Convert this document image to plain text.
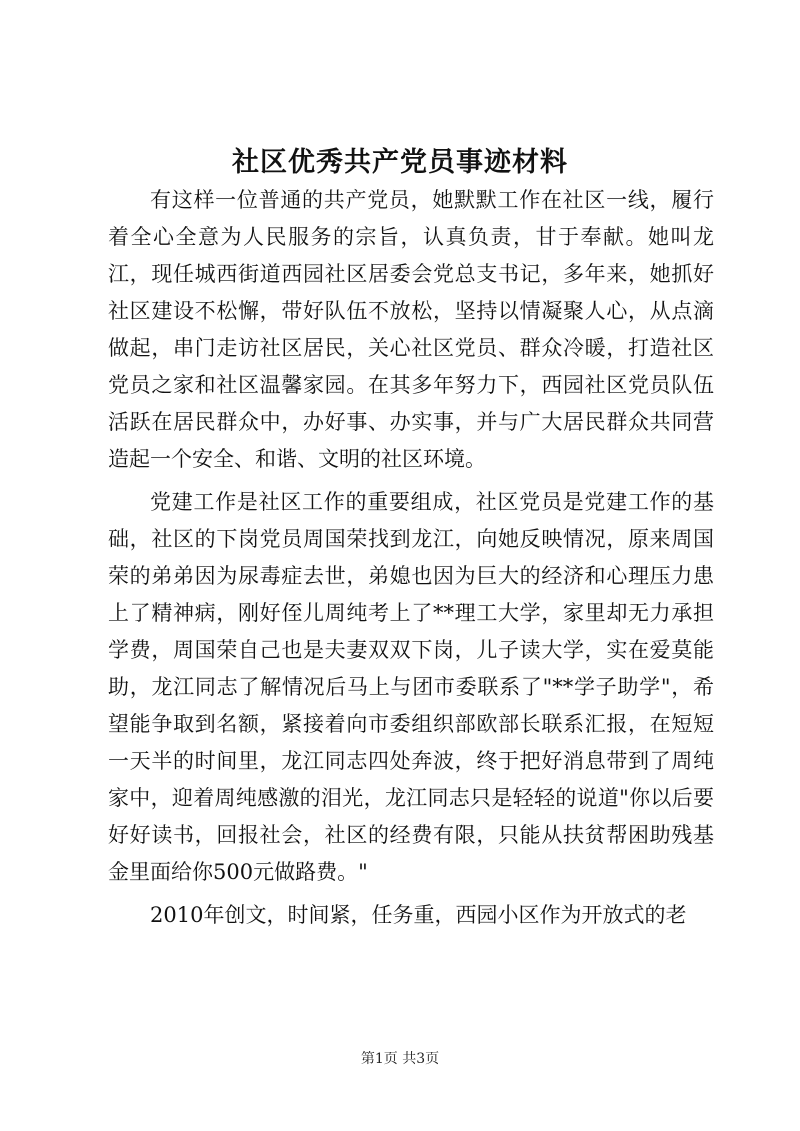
社区优秀共产党员事迹材料

有这样一位普通的共产党员，她默默工作在社区一线，履行着全心全意为人民服务的宗旨，认真负责，甘于奉献。她叫龙江，现任城西街道西园社区居委会党总支书记，多年来，她抓好社区建设不松懈，带好队伍不放松，坚持以情凝聚人心，从点滴做起，串门走访社区居民，关心社区党员、群众冷暖，打造社区党员之家和社区温馨家园。在其多年努力下，西园社区党员队伍活跃在居民群众中，办好事、办实事，并与广大居民群众共同营造起一个安全、和谐、文明的社区环境。

党建工作是社区工作的重要组成，社区党员是党建工作的基础，社区的下岗党员周国荣找到龙江，向她反映情况，原来周国荣的弟弟因为尿毒症去世，弟媳也因为巨大的经济和心理压力患上了精神病，刚好侄儿周纯考上了**理工大学，家里却无力承担学费，周国荣自己也是夫妻双双下岗，儿子读大学，实在爱莫能助，龙江同志了解情况后马上与团市委联系了"**学子助学"，希望能争取到名额，紧接着向市委组织部欧部长联系汇报，在短短一天半的时间里，龙江同志四处奔波，终于把好消息带到了周纯家中，迎着周纯感激的泪光，龙江同志只是轻轻的说道"你以后要好好读书，回报社会，社区的经费有限，只能从扶贫帮困助残基金里面给你500元做路费。"

2010年创文，时间紧，任务重，西园小区作为开放式的老

第1页 共3页
